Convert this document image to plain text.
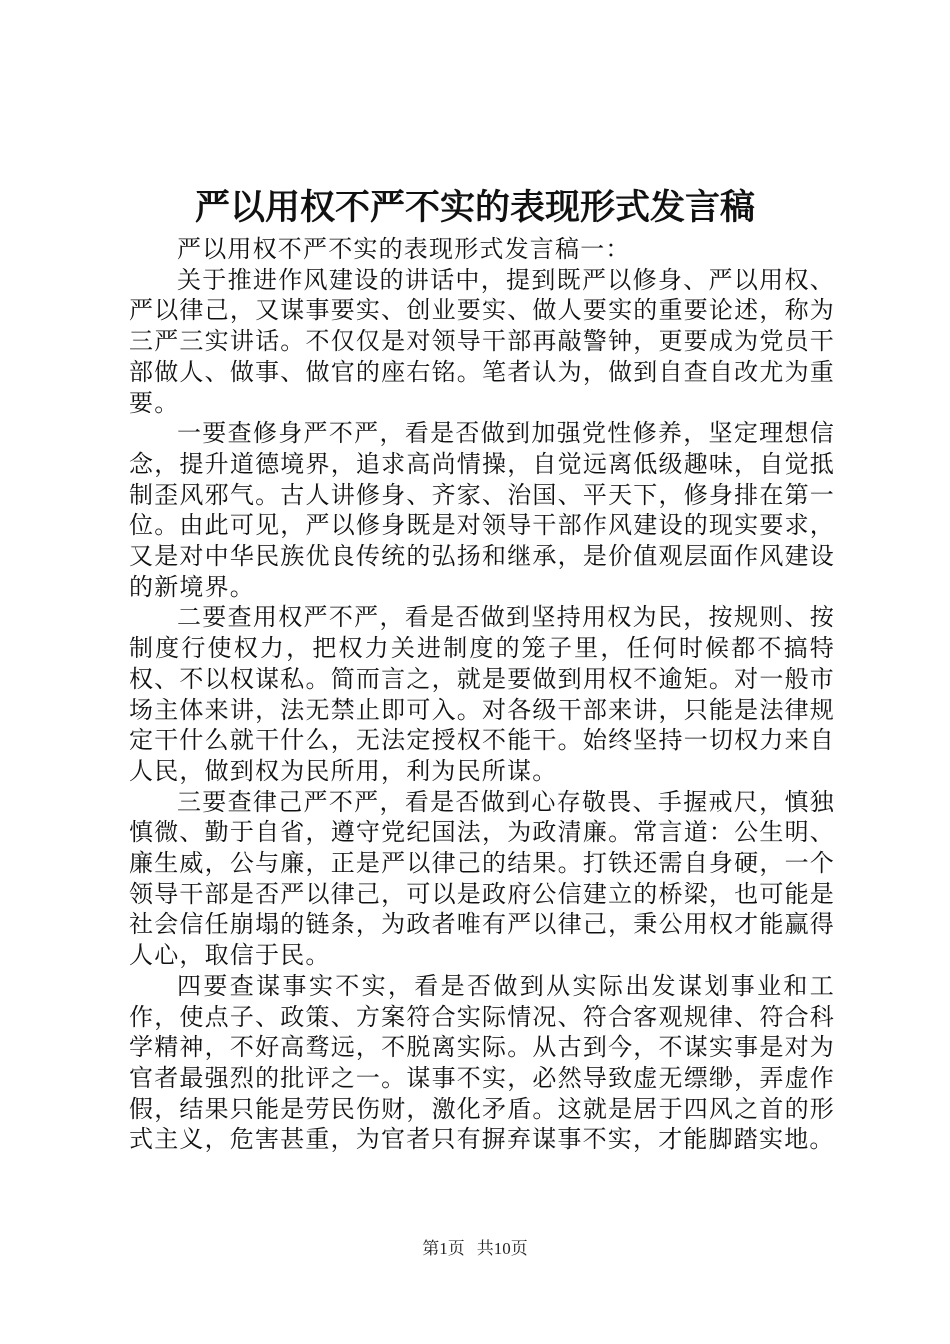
严以用权不严不实的表现形式发言稿

严以用权不严不实的表现形式发言稿一：

关于推进作风建设的讲话中，提到既严以修身、严以用权、严以律己，又谋事要实、创业要实、做人要实的重要论述，称为三严三实讲话。不仅仅是对领导干部再敲警钟，更要成为党员干部做人、做事、做官的座右铭。笔者认为，做到自查自改尤为重要。

一要查修身严不严，看是否做到加强党性修养，坚定理想信念，提升道德境界，追求高尚情操，自觉远离低级趣味，自觉抵制歪风邪气。古人讲修身、齐家、治国、平天下，修身排在第一位。由此可见，严以修身既是对领导干部作风建设的现实要求，又是对中华民族优良传统的弘扬和继承，是价值观层面作风建设的新境界。

二要查用权严不严，看是否做到坚持用权为民，按规则、按制度行使权力，把权力关进制度的笼子里，任何时候都不搞特权、不以权谋私。简而言之，就是要做到用权不逾矩。对一般市场主体来讲，法无禁止即可入。对各级干部来讲，只能是法律规定干什么就干什么，无法定授权不能干。始终坚持一切权力来自人民，做到权为民所用，利为民所谋。

三要查律己严不严，看是否做到心存敬畏、手握戒尺，慎独慎微、勤于自省，遵守党纪国法，为政清廉。常言道：公生明、廉生威，公与廉，正是严以律己的结果。打铁还需自身硬，一个领导干部是否严以律己，可以是政府公信建立的桥梁，也可能是社会信任崩塌的链条，为政者唯有严以律己，秉公用权才能赢得人心，取信于民。

四要查谋事实不实，看是否做到从实际出发谋划事业和工作，使点子、政策、方案符合实际情况、符合客观规律、符合科学精神，不好高骛远，不脱离实际。从古到今，不谋实事是对为官者最强烈的批评之一。谋事不实，必然导致虚无缥缈，弄虚作假，结果只能是劳民伤财，激化矛盾。这就是居于四风之首的形式主义，危害甚重，为官者只有摒弃谋事不实，才能脚踏实地。

第1页 共10页
